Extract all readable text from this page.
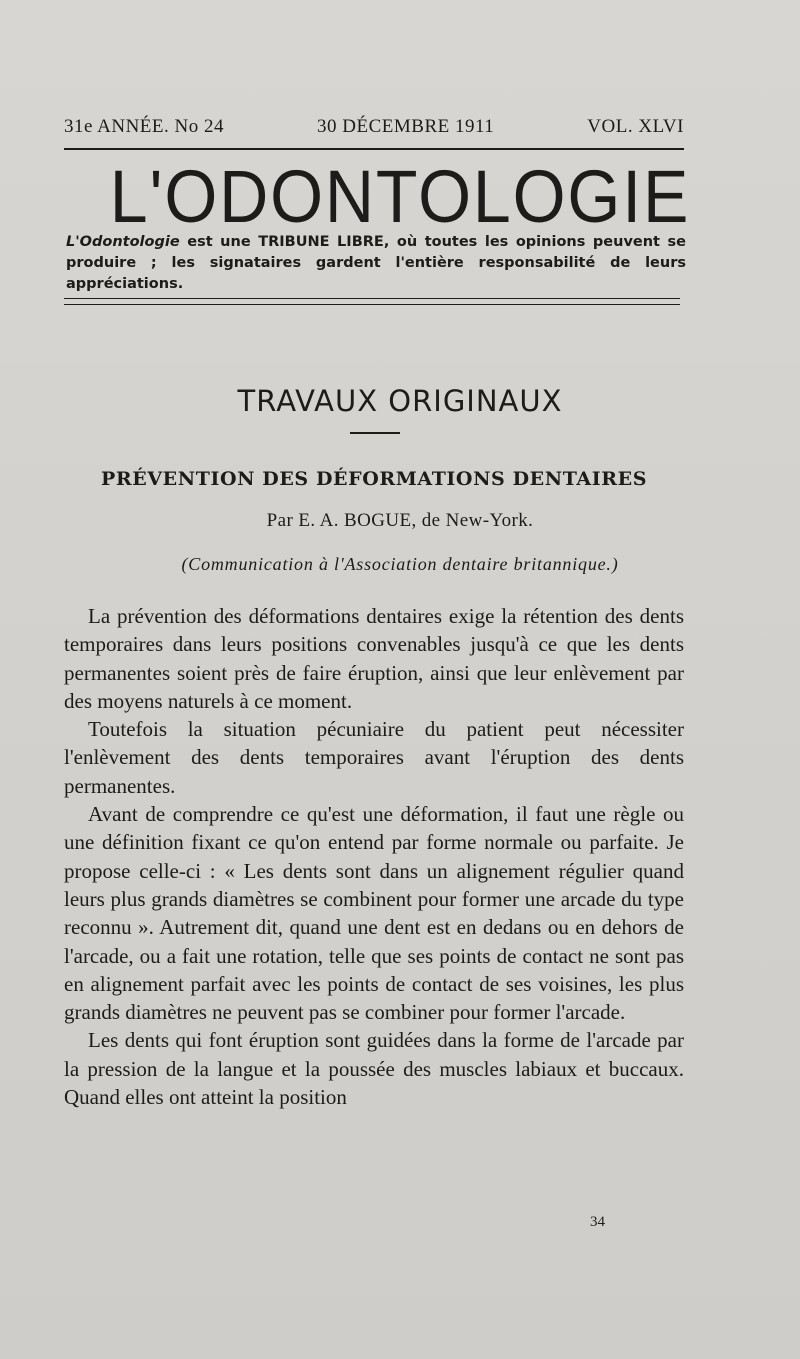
31e ANNÉE. No 24	30 DÉCEMBRE 1911	VOL. XLVI
L'ODONTOLOGIE
L'Odontologie est une TRIBUNE LIBRE, où toutes les opinions peuvent se produire ; les signataires gardent l'entière responsabilité de leurs appréciations.
TRAVAUX ORIGINAUX
PRÉVENTION DES DÉFORMATIONS DENTAIRES
Par E. A. BOGUE, de New-York.
(Communication à l'Association dentaire britannique.)

La prévention des déformations dentaires exige la rétention des dents temporaires dans leurs positions convenables jusqu'à ce que les dents permanentes soient près de faire éruption, ainsi que leur enlèvement par des moyens naturels à ce moment.

Toutefois la situation pécuniaire du patient peut nécessiter l'enlèvement des dents temporaires avant l'éruption des dents permanentes.

Avant de comprendre ce qu'est une déformation, il faut une règle ou une définition fixant ce qu'on entend par forme normale ou parfaite. Je propose celle-ci : « Les dents sont dans un alignement régulier quand leurs plus grands diamètres se combinent pour former une arcade du type reconnu ». Autrement dit, quand une dent est en dedans ou en dehors de l'arcade, ou a fait une rotation, telle que ses points de contact ne sont pas en alignement parfait avec les points de contact de ses voisines, les plus grands diamètres ne peuvent pas se combiner pour former l'arcade.

Les dents qui font éruption sont guidées dans la forme de l'arcade par la pression de la langue et la poussée des muscles labiaux et buccaux. Quand elles ont atteint la position

34
